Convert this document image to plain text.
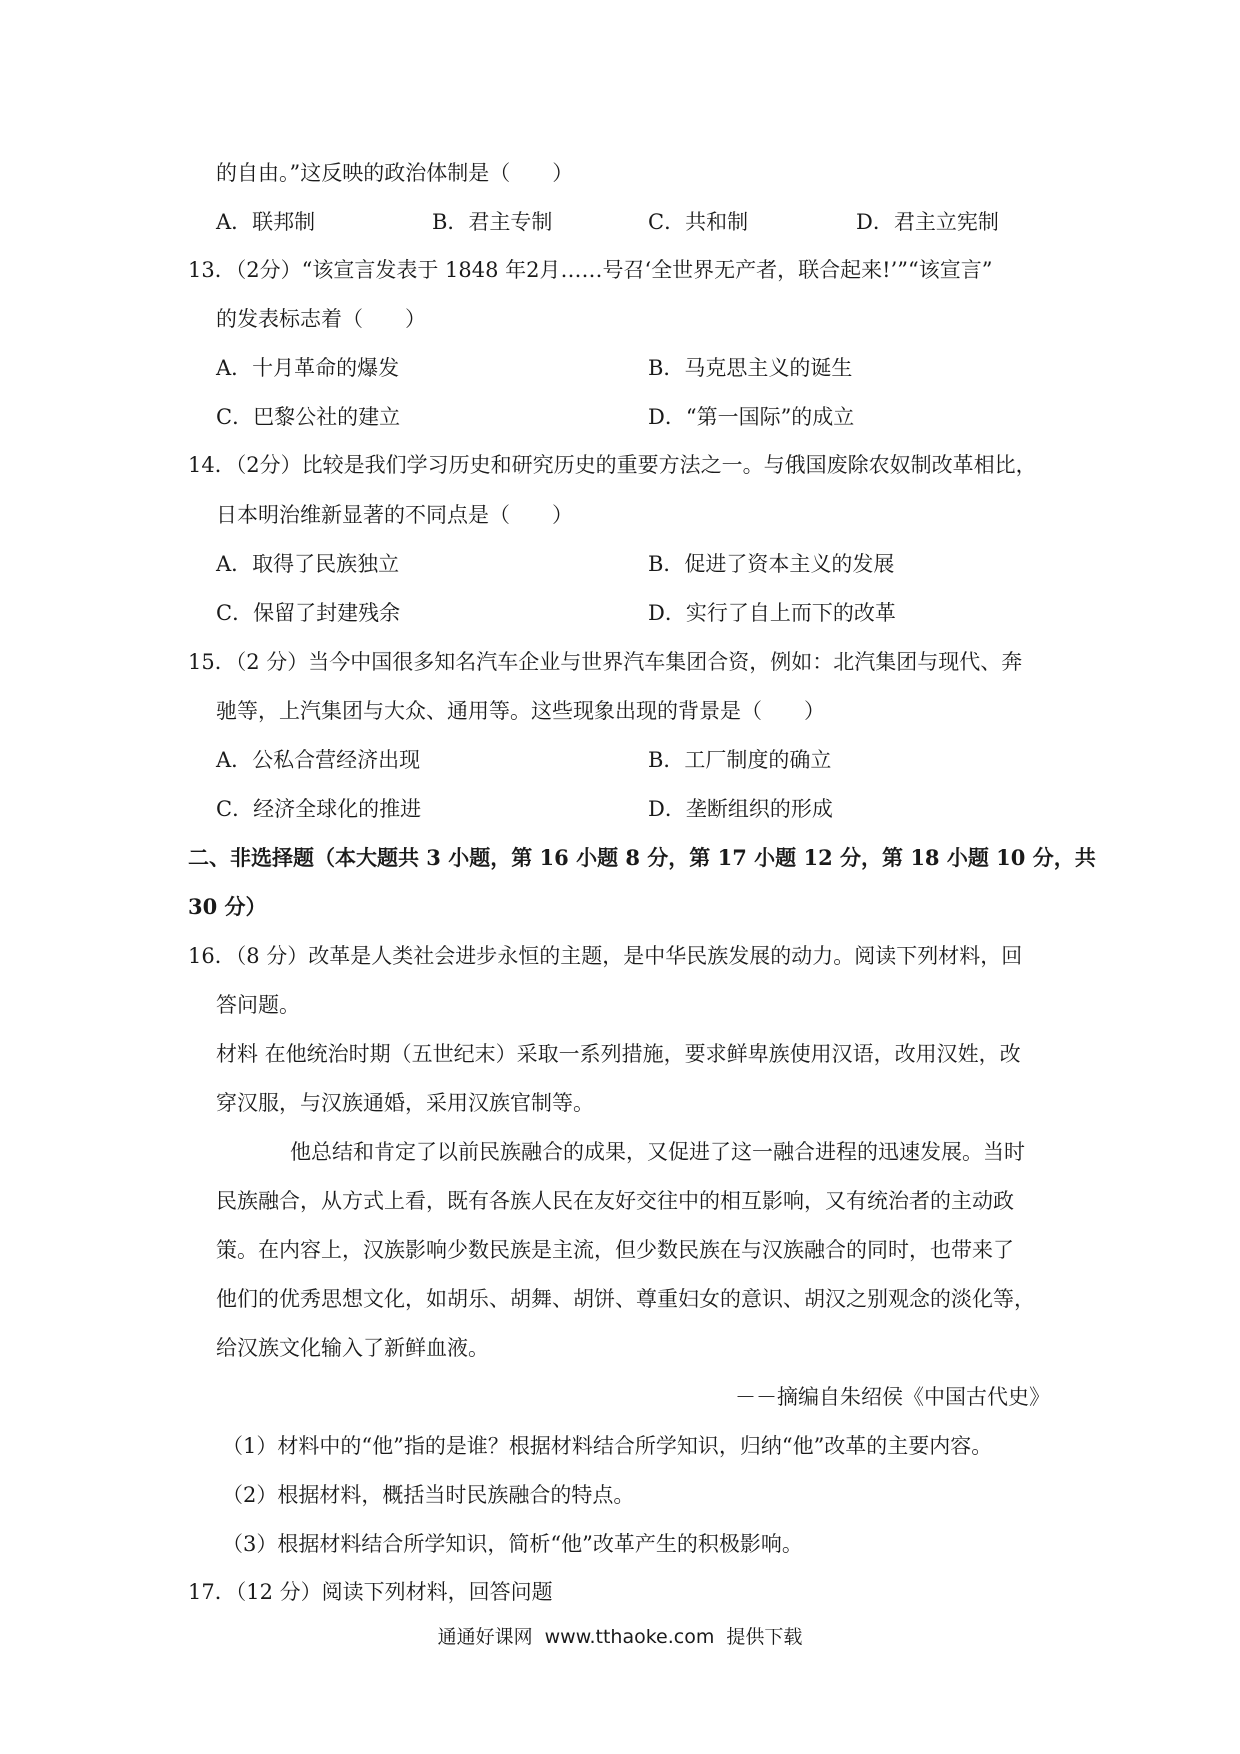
的自由。”这反映的政治体制是（　　）
A．联邦制	B．君主专制	C．共和制	D．君主立宪制
13．（2分）“该宣言发表于 1848 年2月……号召‘全世界无产者，联合起来!’”“该宣言”
的发表标志着（　　）
A．十月革命的爆发	B．马克思主义的诞生
C．巴黎公社的建立	D．“第一国际”的成立
14．（2分）比较是我们学习历史和研究历史的重要方法之一。与俄国废除农奴制改革相比，
日本明治维新显著的不同点是（　　）
A．取得了民族独立	B．促进了资本主义的发展
C．保留了封建残余	D．实行了自上而下的改革
15．（2 分）当今中国很多知名汽车企业与世界汽车集团合资，例如：北汽集团与现代、奔
驰等，上汽集团与大众、通用等。这些现象出现的背景是（　　）
A．公私合营经济出现	B．工厂制度的确立
C．经济全球化的推进	D．垄断组织的形成
二、非选择题（本大题共 3 小题，第 16 小题 8 分，第 17 小题 12 分，第 18 小题 10 分，共
30 分）
16．（8 分）改革是人类社会进步永恒的主题，是中华民族发展的动力。阅读下列材料，回
答问题。
材料 在他统治时期（五世纪末）采取一系列措施，要求鲜卑族使用汉语，改用汉姓，改
穿汉服，与汉族通婚，采用汉族官制等。
他总结和肯定了以前民族融合的成果，又促进了这一融合进程的迅速发展。当时
民族融合，从方式上看，既有各族人民在友好交往中的相互影响，又有统治者的主动政
策。在内容上，汉族影响少数民族是主流，但少数民族在与汉族融合的同时，也带来了
他们的优秀思想文化，如胡乐、胡舞、胡饼、尊重妇女的意识、胡汉之别观念的淡化等，
给汉族文化输入了新鲜血液。
－－摘编自朱绍侯《中国古代史》
（1）材料中的“他”指的是谁？根据材料结合所学知识，归纳“他”改革的主要内容。
（2）根据材料，概括当时民族融合的特点。
（3）根据材料结合所学知识，简析“他”改革产生的积极影响。
17．（12 分）阅读下列材料，回答问题
通通好课网 www.tthaoke.com 提供下载
